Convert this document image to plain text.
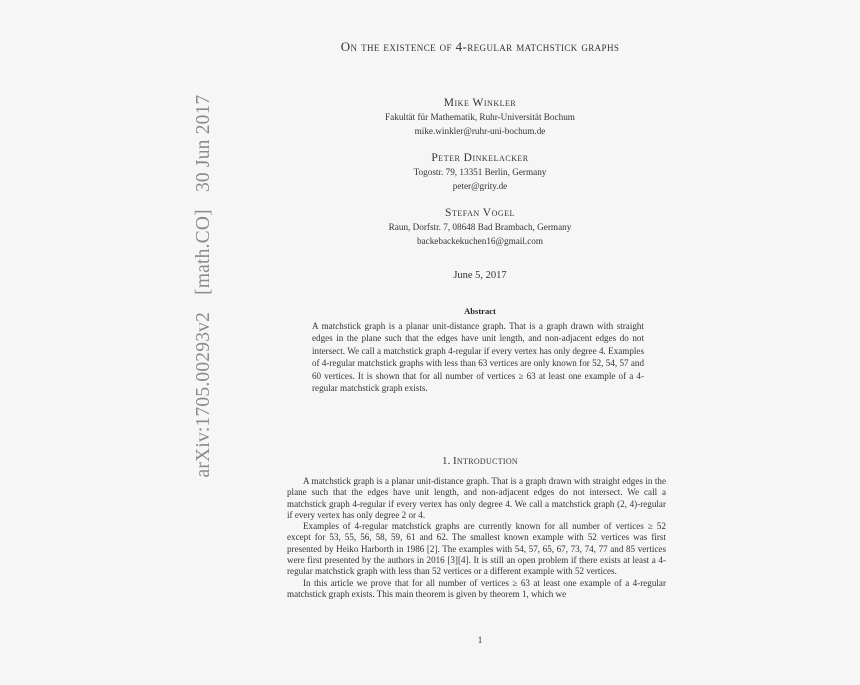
arXiv:1705.00293v2 [math.CO] 30 Jun 2017
On the existence of 4-regular matchstick graphs
Mike Winkler
Fakultät für Mathematik, Ruhr-Universität Bochum
mike.winkler@ruhr-uni-bochum.de
Peter Dinkelacker
Togostr. 79, 13351 Berlin, Germany
peter@grity.de
Stefan Vogel
Raun, Dorfstr. 7, 08648 Bad Brambach, Germany
backebackekuchen16@gmail.com
June 5, 2017
Abstract
A matchstick graph is a planar unit-distance graph. That is a graph drawn with straight edges in the plane such that the edges have unit length, and non-adjacent edges do not intersect. We call a matchstick graph 4-regular if every vertex has only degree 4. Examples of 4-regular matchstick graphs with less than 63 vertices are only known for 52, 54, 57 and 60 vertices. It is shown that for all number of vertices ≥ 63 at least one example of a 4-regular matchstick graph exists.
1. Introduction

A matchstick graph is a planar unit-distance graph. That is a graph drawn with straight edges in the plane such that the edges have unit length, and non-adjacent edges do not intersect. We call a matchstick graph 4-regular if every vertex has only degree 4. We call a matchstick graph (2, 4)-regular if every vertex has only degree 2 or 4.

Examples of 4-regular matchstick graphs are currently known for all number of vertices ≥ 52 except for 53, 55, 56, 58, 59, 61 and 62. The smallest known example with 52 vertices was first presented by Heiko Harborth in 1986 [2]. The examples with 54, 57, 65, 67, 73, 74, 77 and 85 vertices were first presented by the authors in 2016 [3][4]. It is still an open problem if there exists at least a 4-regular matchstick graph with less than 52 vertices or a different example with 52 vertices.

In this article we prove that for all number of vertices ≥ 63 at least one example of a 4-regular matchstick graph exists. This main theorem is given by theorem 1, which we

1
